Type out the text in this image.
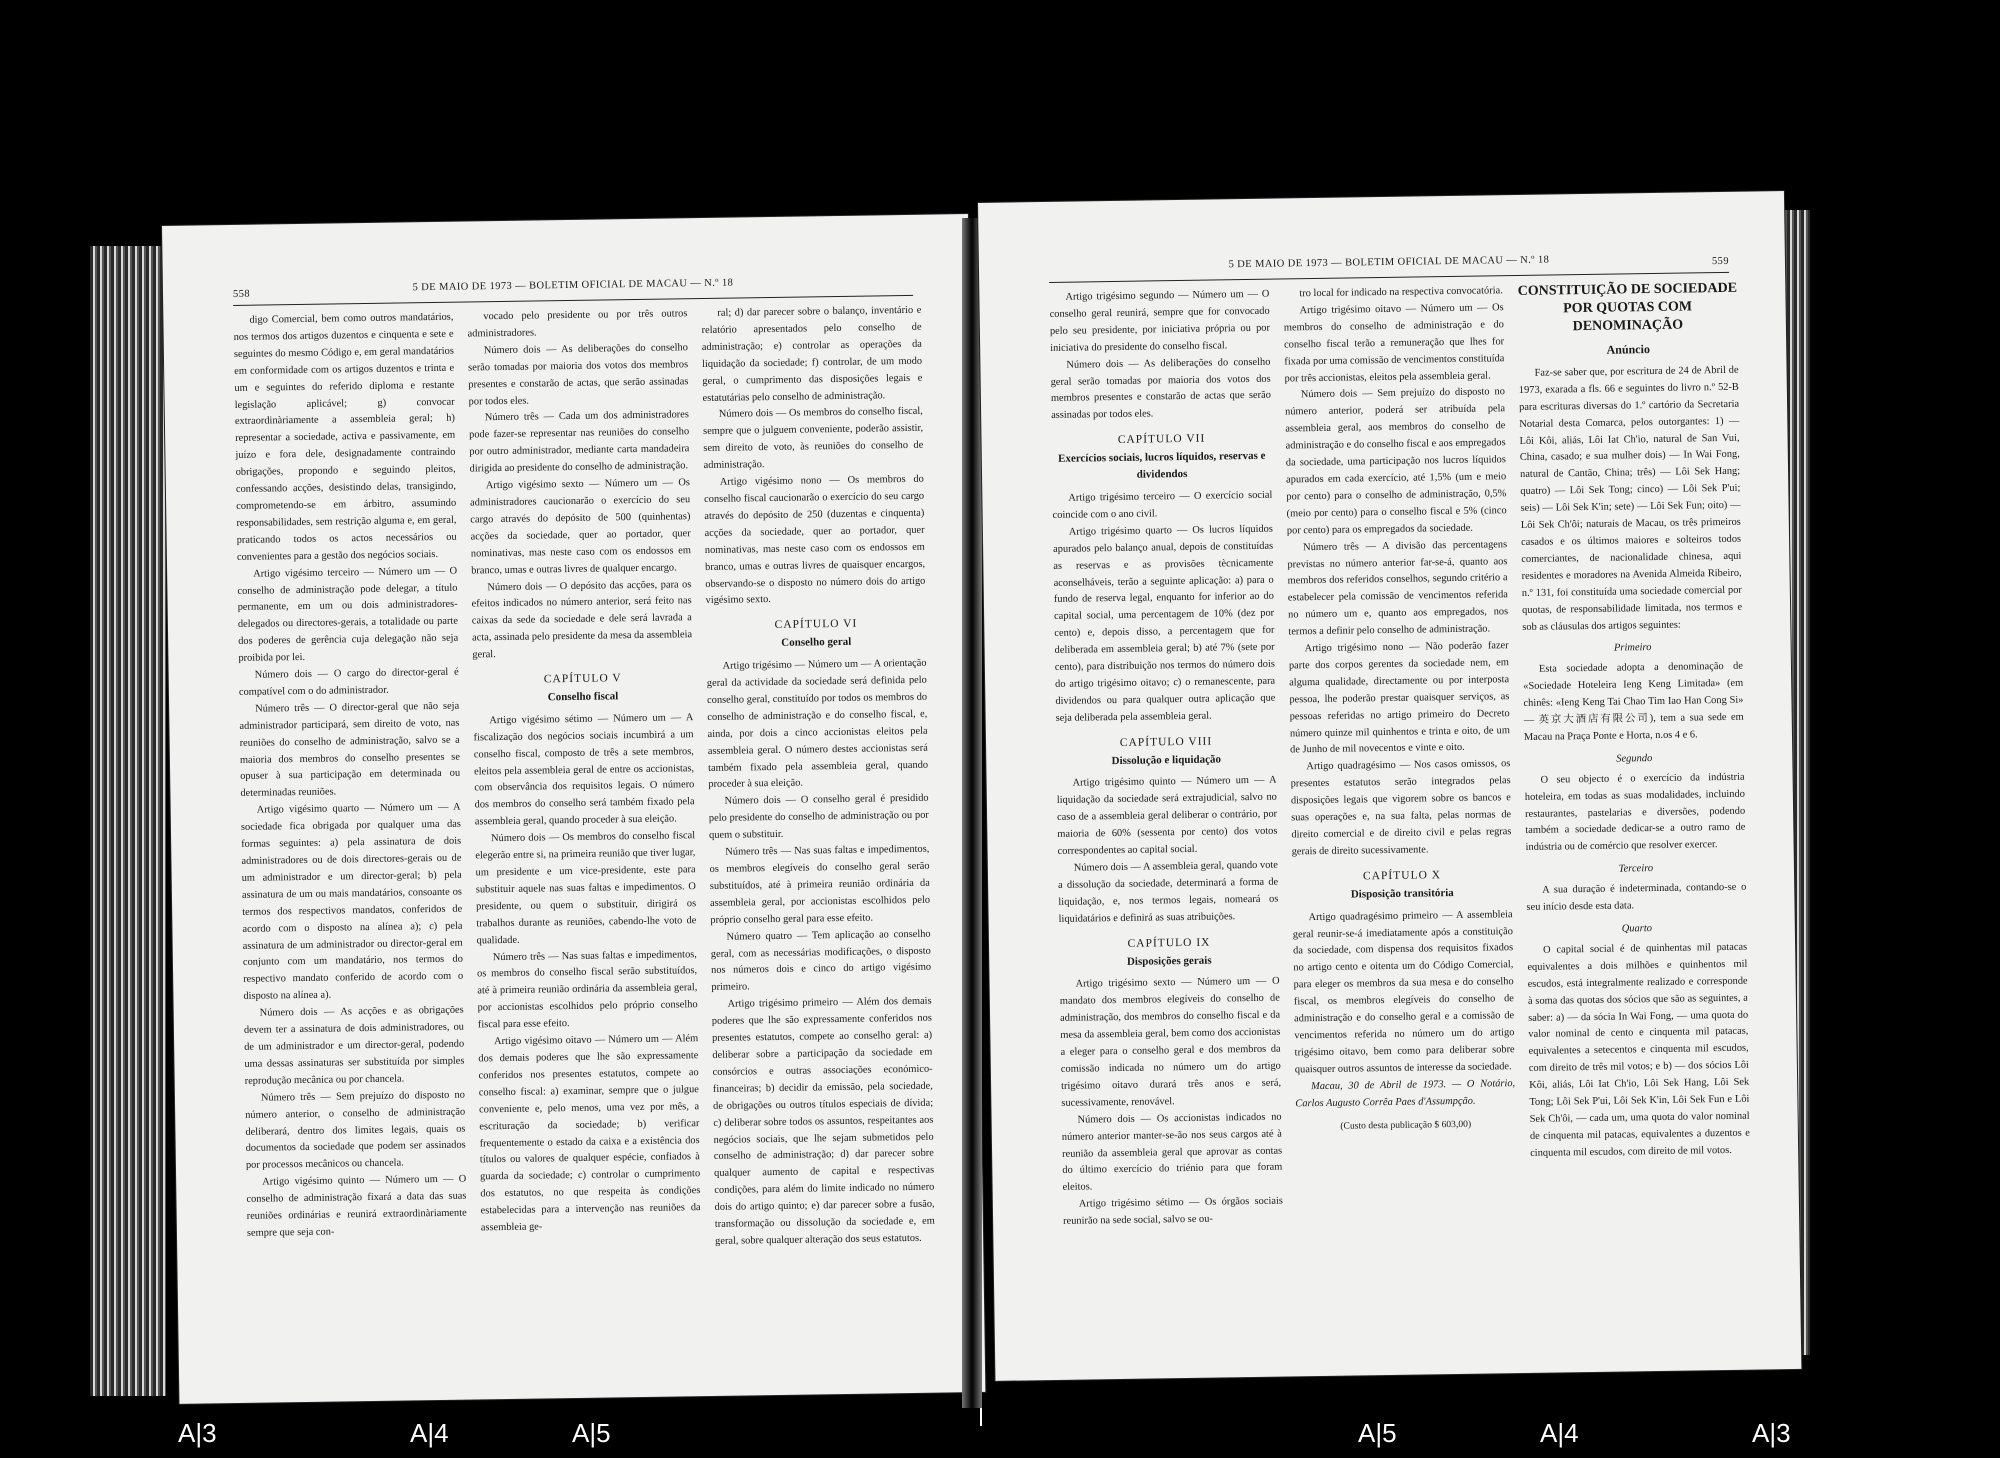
558
5 DE MAIO DE 1973 — BOLETIM OFICIAL DE MACAU — N.º 18

digo Comercial, bem como outros mandatários, nos termos dos artigos duzentos e cinquenta e sete e seguintes do mesmo Código e, em geral mandatários em conformidade com os artigos duzentos e trinta e um e seguintes do referido diploma e restante legislação aplicável; g) convocar extraordinàriamente a assembleia geral; h) representar a sociedade, activa e passivamente, em juízo e fora dele, designadamente contraindo obrigações, propondo e seguindo pleitos, confessando acções, desistindo delas, transigindo, comprometendo-se em árbitro, assumindo responsabilidades, sem restrição alguma e, em geral, praticando todos os actos necessários ou convenientes para a gestão dos negócios sociais.

Artigo vigésimo terceiro — Número um — O conselho de administração pode delegar, a título permanente, em um ou dois administradores-delegados ou directores-gerais, a totalidade ou parte dos poderes de gerência cuja delegação não seja proibida por lei.

Número dois — O cargo do director-geral é compatível com o do administrador.

Número três — O director-geral que não seja administrador participará, sem direito de voto, nas reuniões do conselho de administração, salvo se a maioria dos membros do conselho presentes se opuser à sua participação em determinada ou determinadas reuniões.

Artigo vigésimo quarto — Número um — A sociedade fica obrigada por qualquer uma das formas seguintes: a) pela assinatura de dois administradores ou de dois directores-gerais ou de um administrador e um director-geral; b) pela assinatura de um ou mais mandatários, consoante os termos dos respectivos mandatos, conferidos de acordo com o disposto na alínea a); c) pela assinatura de um administrador ou director-geral em conjunto com um mandatário, nos termos do respectivo mandato conferido de acordo com o disposto na alínea a).

Número dois — As acções e as obrigações devem ter a assinatura de dois administradores, ou de um administrador e um director-geral, podendo uma dessas assinaturas ser substituída por simples reprodução mecânica ou por chancela.

Número três — Sem prejuízo do disposto no número anterior, o conselho de administração deliberará, dentro dos limites legais, quais os documentos da sociedade que podem ser assinados por processos mecânicos ou chancela.

Artigo vigésimo quinto — Número um — O conselho de administração fixará a data das suas reuniões ordinárias e reunirá extraordinàriamente sempre que seja con-

vocado pelo presidente ou por três outros administradores.

Número dois — As deliberações do conselho serão tomadas por maioria dos votos dos membros presentes e constarão de actas, que serão assinadas por todos eles.

Número três — Cada um dos administradores pode fazer-se representar nas reuniões do conselho por outro administrador, mediante carta mandadeira dirigida ao presidente do conselho de administração.

Artigo vigésimo sexto — Número um — Os administradores caucionarão o exercício do seu cargo através do depósito de 500 (quinhentas) acções da sociedade, quer ao portador, quer nominativas, mas neste caso com os endossos em branco, umas e outras livres de qualquer encargo.

Número dois — O depósito das acções, para os efeitos indicados no número anterior, será feito nas caixas da sede da sociedade e dele será lavrada a acta, assinada pelo presidente da mesa da assembleia geral.

CAPÍTULO V
Conselho fiscal

Artigo vigésimo sétimo — Número um — A fiscalização dos negócios sociais incumbirá a um conselho fiscal, composto de três a sete membros, eleitos pela assembleia geral de entre os accionistas, com observância dos requisitos legais. O número dos membros do conselho será também fixado pela assembleia geral, quando proceder à sua eleição.

Número dois — Os membros do conselho fiscal elegerão entre si, na primeira reunião que tiver lugar, um presidente e um vice-presidente, este para substituir aquele nas suas faltas e impedimentos. O presidente, ou quem o substituir, dirigirá os trabalhos durante as reuniões, cabendo-lhe voto de qualidade.

Número três — Nas suas faltas e impedimentos, os membros do conselho fiscal serão substituídos, até à primeira reunião ordinária da assembleia geral, por accionistas escolhidos pelo próprio conselho fiscal para esse efeito.

Artigo vigésimo oitavo — Número um — Além dos demais poderes que lhe são expressamente conferidos nos presentes estatutos, compete ao conselho fiscal: a) examinar, sempre que o julgue conveniente e, pelo menos, uma vez por mês, a escrituração da sociedade; b) verificar frequentemente o estado da caixa e a existência dos títulos ou valores de qualquer espécie, confiados à guarda da sociedade; c) controlar o cumprimento dos estatutos, no que respeita às condições estabelecidas para a intervenção nas reuniões da assembleia ge-

ral; d) dar parecer sobre o balanço, inventário e relatório apresentados pelo conselho de administração; e) controlar as operações da liquidação da sociedade; f) controlar, de um modo geral, o cumprimento das disposições legais e estatutárias pelo conselho de administração.

Número dois — Os membros do conselho fiscal, sempre que o julguem conveniente, poderão assistir, sem direito de voto, às reuniões do conselho de administração.

Artigo vigésimo nono — Os membros do conselho fiscal caucionarão o exercício do seu cargo através do depósito de 250 (duzentas e cinquenta) acções da sociedade, quer ao portador, quer nominativas, mas neste caso com os endossos em branco, umas e outras livres de quaisquer encargos, observando-se o disposto no número dois do artigo vigésimo sexto.

CAPÍTULO VI
Conselho geral

Artigo trigésimo — Número um — A orientação geral da actividade da sociedade será definida pelo conselho geral, constituído por todos os membros do conselho de administração e do conselho fiscal, e, ainda, por dois a cinco accionistas eleitos pela assembleia geral. O número destes accionistas será também fixado pela assembleia geral, quando proceder à sua eleição.

Número dois — O conselho geral é presidido pelo presidente do conselho de administração ou por quem o substituir.

Número três — Nas suas faltas e impedimentos, os membros elegíveis do conselho geral serão substituídos, até à primeira reunião ordinária da assembleia geral, por accionistas escolhidos pelo próprio conselho geral para esse efeito.

Número quatro — Tem aplicação ao conselho geral, com as necessárias modificações, o disposto nos números dois e cinco do artigo vigésimo primeiro.

Artigo trigésimo primeiro — Além dos demais poderes que lhe são expressamente conferidos nos presentes estatutos, compete ao conselho geral: a) deliberar sobre a participação da sociedade em consórcios e outras associações económico-financeiras; b) decidir da emissão, pela sociedade, de obrigações ou outros títulos especiais de dívida; c) deliberar sobre todos os assuntos, respeitantes aos negócios sociais, que lhe sejam submetidos pelo conselho de administração; d) dar parecer sobre qualquer aumento de capital e respectivas condições, para além do limite indicado no número dois do artigo quinto; e) dar parecer sobre a fusão, transformação ou dissolução da sociedade e, em geral, sobre qualquer alteração dos seus estatutos.

5 DE MAIO DE 1973 — BOLETIM OFICIAL DE MACAU — N.º 18	559

Artigo trigésimo segundo — Número um — O conselho geral reunirá, sempre que for convocado pelo seu presidente, por iniciativa própria ou por iniciativa do presidente do conselho fiscal.

Número dois — As deliberações do conselho geral serão tomadas por maioria dos votos dos membros presentes e constarão de actas que serão assinadas por todos eles.

CAPÍTULO VII
Exercícios sociais, lucros líquidos, reservas e dividendos

Artigo trigésimo terceiro — O exercício social coincide com o ano civil.

Artigo trigésimo quarto — Os lucros líquidos apurados pelo balanço anual, depois de constituídas as reservas e as provisões tècnicamente aconselháveis, terão a seguinte aplicação: a) para o fundo de reserva legal, enquanto for inferior ao do capital social, uma percentagem de 10% (dez por cento) e, depois disso, a percentagem que for deliberada em assembleia geral; b) até 7% (sete por cento), para distribuição nos termos do número dois do artigo trigésimo oitavo; c) o remanescente, para dividendos ou para qualquer outra aplicação que seja deliberada pela assembleia geral.

CAPÍTULO VIII
Dissolução e liquidação

Artigo trigésimo quinto — Número um — A liquidação da sociedade será extrajudicial, salvo no caso de a assembleia geral deliberar o contrário, por maioria de 60% (sessenta por cento) dos votos correspondentes ao capital social.

Número dois — A assembleia geral, quando vote a dissolução da sociedade, determinará a forma de liquidação, e, nos termos legais, nomeará os liquidatários e definirá as suas atribuições.

CAPÍTULO IX
Disposições gerais

Artigo trigésimo sexto — Número um — O mandato dos membros elegíveis do conselho de administração, dos membros do conselho fiscal e da mesa da assembleia geral, bem como dos accionistas a eleger para o conselho geral e dos membros da comissão indicada no número um do artigo trigésimo oitavo durará três anos e será, sucessivamente, renovável.

Número dois — Os accionistas indicados no número anterior manter-se-ão nos seus cargos até à reunião da assembleia geral que aprovar as contas do último exercício do triénio para que foram eleitos.

Artigo trigésimo sétimo — Os órgãos sociais reunirão na sede social, salvo se ou-

tro local for indicado na respectiva convocatória.

Artigo trigésimo oitavo — Número um — Os membros do conselho de administração e do conselho fiscal terão a remuneração que lhes for fixada por uma comissão de vencimentos constituída por três accionistas, eleitos pela assembleia geral.

Número dois — Sem prejuízo do disposto no número anterior, poderá ser atribuída pela assembleia geral, aos membros do conselho de administração e do conselho fiscal e aos empregados da sociedade, uma participação nos lucros líquidos apurados em cada exercício, até 1,5% (um e meio por cento) para o conselho de administração, 0,5% (meio por cento) para o conselho fiscal e 5% (cinco por cento) para os empregados da sociedade.

Número três — A divisão das percentagens previstas no número anterior far-se-á, quanto aos membros dos referidos conselhos, segundo critério a estabelecer pela comissão de vencimentos referida no número um e, quanto aos empregados, nos termos a definir pelo conselho de administração.

Artigo trigésimo nono — Não poderão fazer parte dos corpos gerentes da sociedade nem, em alguma qualidade, directamente ou por interposta pessoa, lhe poderão prestar quaisquer serviços, as pessoas referidas no artigo primeiro do Decreto número quinze mil quinhentos e trinta e oito, de um de Junho de mil novecentos e vinte e oito.

Artigo quadragésimo — Nos casos omissos, os presentes estatutos serão integrados pelas disposições legais que vigorem sobre os bancos e suas operações e, na sua falta, pelas normas de direito comercial e de direito civil e pelas regras gerais de direito sucessivamente.

CAPÍTULO X
Disposição transitória

Artigo quadragésimo primeiro — A assembleia geral reunir-se-á imediatamente após a constituição da sociedade, com dispensa dos requisitos fixados no artigo cento e oitenta um do Código Comercial, para eleger os membros da sua mesa e do conselho fiscal, os membros elegíveis do conselho de administração e do conselho geral e a comissão de vencimentos referida no número um do artigo trigésimo oitavo, bem como para deliberar sobre quaisquer outros assuntos de interesse da sociedade.

Macau, 30 de Abril de 1973. — O Notário, Carlos Augusto Corrêa Paes d'Assumpção.

(Custo desta publicação $ 603,00)

CONSTITUIÇÃO DE SOCIEDADE POR QUOTAS COM DENOMINAÇÃO
Anúncio

Faz-se saber que, por escritura de 24 de Abril de 1973, exarada a fls. 66 e seguintes do livro n.º 52-B para escrituras diversas do 1.º cartório da Secretaria Notarial desta Comarca, pelos outorgantes: 1) — Lôi Kôi, aliás, Lôi Iat Ch'io, natural de San Vui, China, casado; e sua mulher dois) — In Wai Fong, natural de Cantão, China; três) — Lôi Sek Hang; quatro) — Lôi Sek Tong; cinco) — Lôi Sek P'ui; seis) — Lôi Sek K'in; sete) — Lôi Sek Fun; oito) — Lôi Sek Ch'ôi; naturais de Macau, os três primeiros casados e os últimos maiores e solteiros todos comerciantes, de nacionalidade chinesa, aqui residentes e moradores na Avenida Almeida Ribeiro, n.º 131, foi constituída uma sociedade comercial por quotas, de responsabilidade limitada, nos termos e sob as cláusulas dos artigos seguintes:

Primeiro

Esta sociedade adopta a denominação de «Sociedade Hoteleira Ieng Keng Limitada» (em chinês: «Ieng Keng Tai Chao Tim Iao Han Cong Si» — 英京大酒店有限公司), tem a sua sede em Macau na Praça Ponte e Horta, n.os 4 e 6.

Segundo

O seu objecto é o exercício da indústria hoteleira, em todas as suas modalidades, incluindo restaurantes, pastelarias e diversões, podendo também a sociedade dedicar-se a outro ramo de indústria ou de comércio que resolver exercer.

Terceiro

A sua duração é indeterminada, contando-se o seu início desde esta data.

Quarto

O capital social é de quinhentas mil patacas equivalentes a dois milhões e quinhentos mil escudos, está integralmente realizado e corresponde à soma das quotas dos sócios que são as seguintes, a saber: a) — da sócia In Wai Fong, — uma quota do valor nominal de cento e cinquenta mil patacas, equivalentes a setecentos e cinquenta mil escudos, com direito de três mil votos; e b) — dos sócios Lôi Kôi, aliás, Lôi Iat Ch'io, Lôi Sek Hang, Lôi Sek Tong; Lôi Sek P'ui, Lôi Sek K'in, Lôi Sek Fun e Lôi Sek Ch'ôi, — cada um, uma quota do valor nominal de cinquenta mil patacas, equivalentes a duzentos e cinquenta mil escudos, com direito de mil votos.

A|3	A|4	A|5	A|5	A|4	A|3
